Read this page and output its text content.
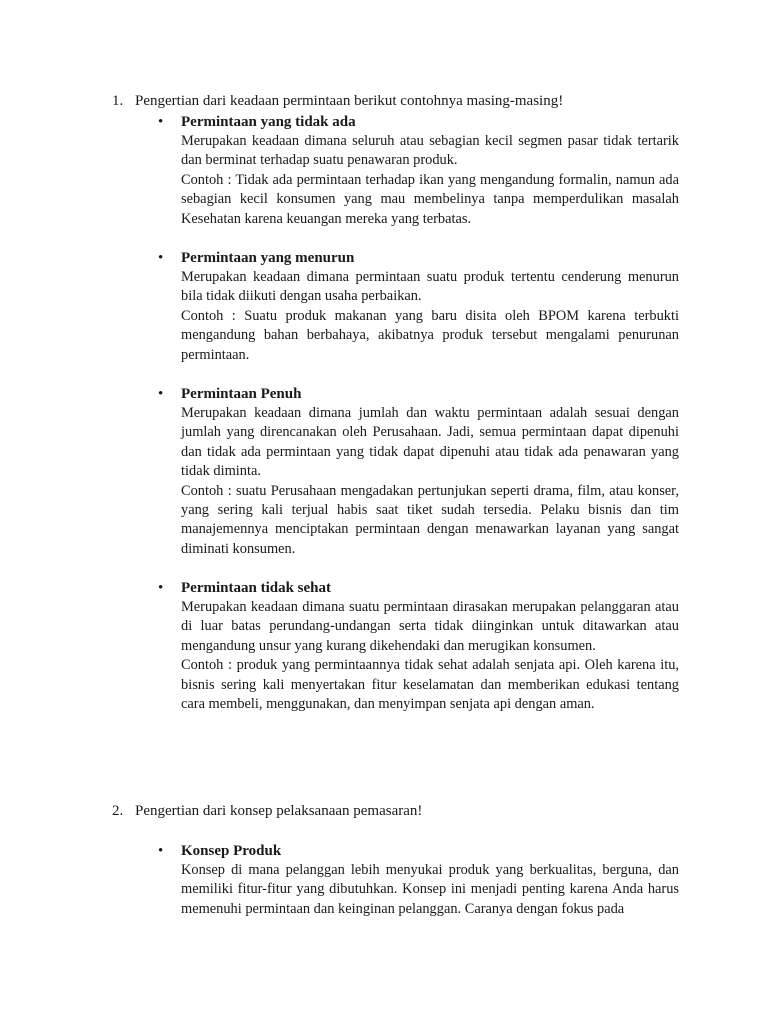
1. Pengertian dari keadaan permintaan berikut contohnya masing-masing!
• Permintaan yang tidak ada

Merupakan keadaan dimana seluruh atau sebagian kecil segmen pasar tidak tertarik dan berminat terhadap suatu penawaran produk.

Contoh : Tidak ada permintaan terhadap ikan yang mengandung formalin, namun ada sebagian kecil konsumen yang mau membelinya tanpa memperdulikan masalah Kesehatan karena keuangan mereka yang terbatas.

• Permintaan yang menurun

Merupakan keadaan dimana permintaan suatu produk tertentu cenderung menurun bila tidak diikuti dengan usaha perbaikan.

Contoh : Suatu produk makanan yang baru disita oleh BPOM karena terbukti mengandung bahan berbahaya, akibatnya produk tersebut mengalami penurunan permintaan.

• Permintaan Penuh

Merupakan keadaan dimana jumlah dan waktu permintaan adalah sesuai dengan jumlah yang direncanakan oleh Perusahaan. Jadi, semua permintaan dapat dipenuhi dan tidak ada permintaan yang tidak dapat dipenuhi atau tidak ada penawaran yang tidak diminta.

Contoh : suatu Perusahaan mengadakan pertunjukan seperti drama, film, atau konser, yang sering kali terjual habis saat tiket sudah tersedia. Pelaku bisnis dan tim manajemennya menciptakan permintaan dengan menawarkan layanan yang sangat diminati konsumen.

• Permintaan tidak sehat

Merupakan keadaan dimana suatu permintaan dirasakan merupakan pelanggaran atau di luar batas perundang-undangan serta tidak diinginkan untuk ditawarkan atau mengandung unsur yang kurang dikehendaki dan merugikan konsumen.

Contoh : produk yang permintaannya tidak sehat adalah senjata api. Oleh karena itu, bisnis sering kali menyertakan fitur keselamatan dan memberikan edukasi tentang cara membeli, menggunakan, dan menyimpan senjata api dengan aman.

2. Pengertian dari konsep pelaksanaan pemasaran!
• Konsep Produk

Konsep di mana pelanggan lebih menyukai produk yang berkualitas, berguna, dan memiliki fitur-fitur yang dibutuhkan. Konsep ini menjadi penting karena Anda harus memenuhi permintaan dan keinginan pelanggan. Caranya dengan fokus pada
